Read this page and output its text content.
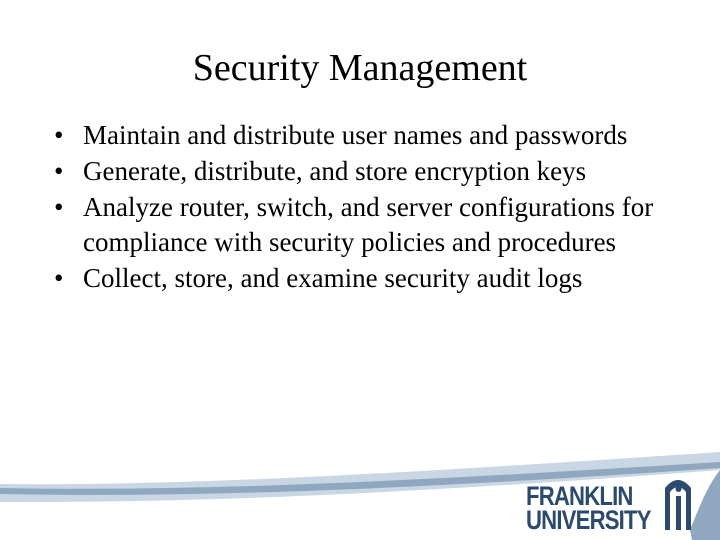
Security Management
• Maintain and distribute user names and passwords
• Generate, distribute, and store encryption keys
• Analyze router, switch, and server configurations for compliance with security policies and procedures
• Collect, store, and examine security audit logs
FRANKLIN
UNIVERSITY
